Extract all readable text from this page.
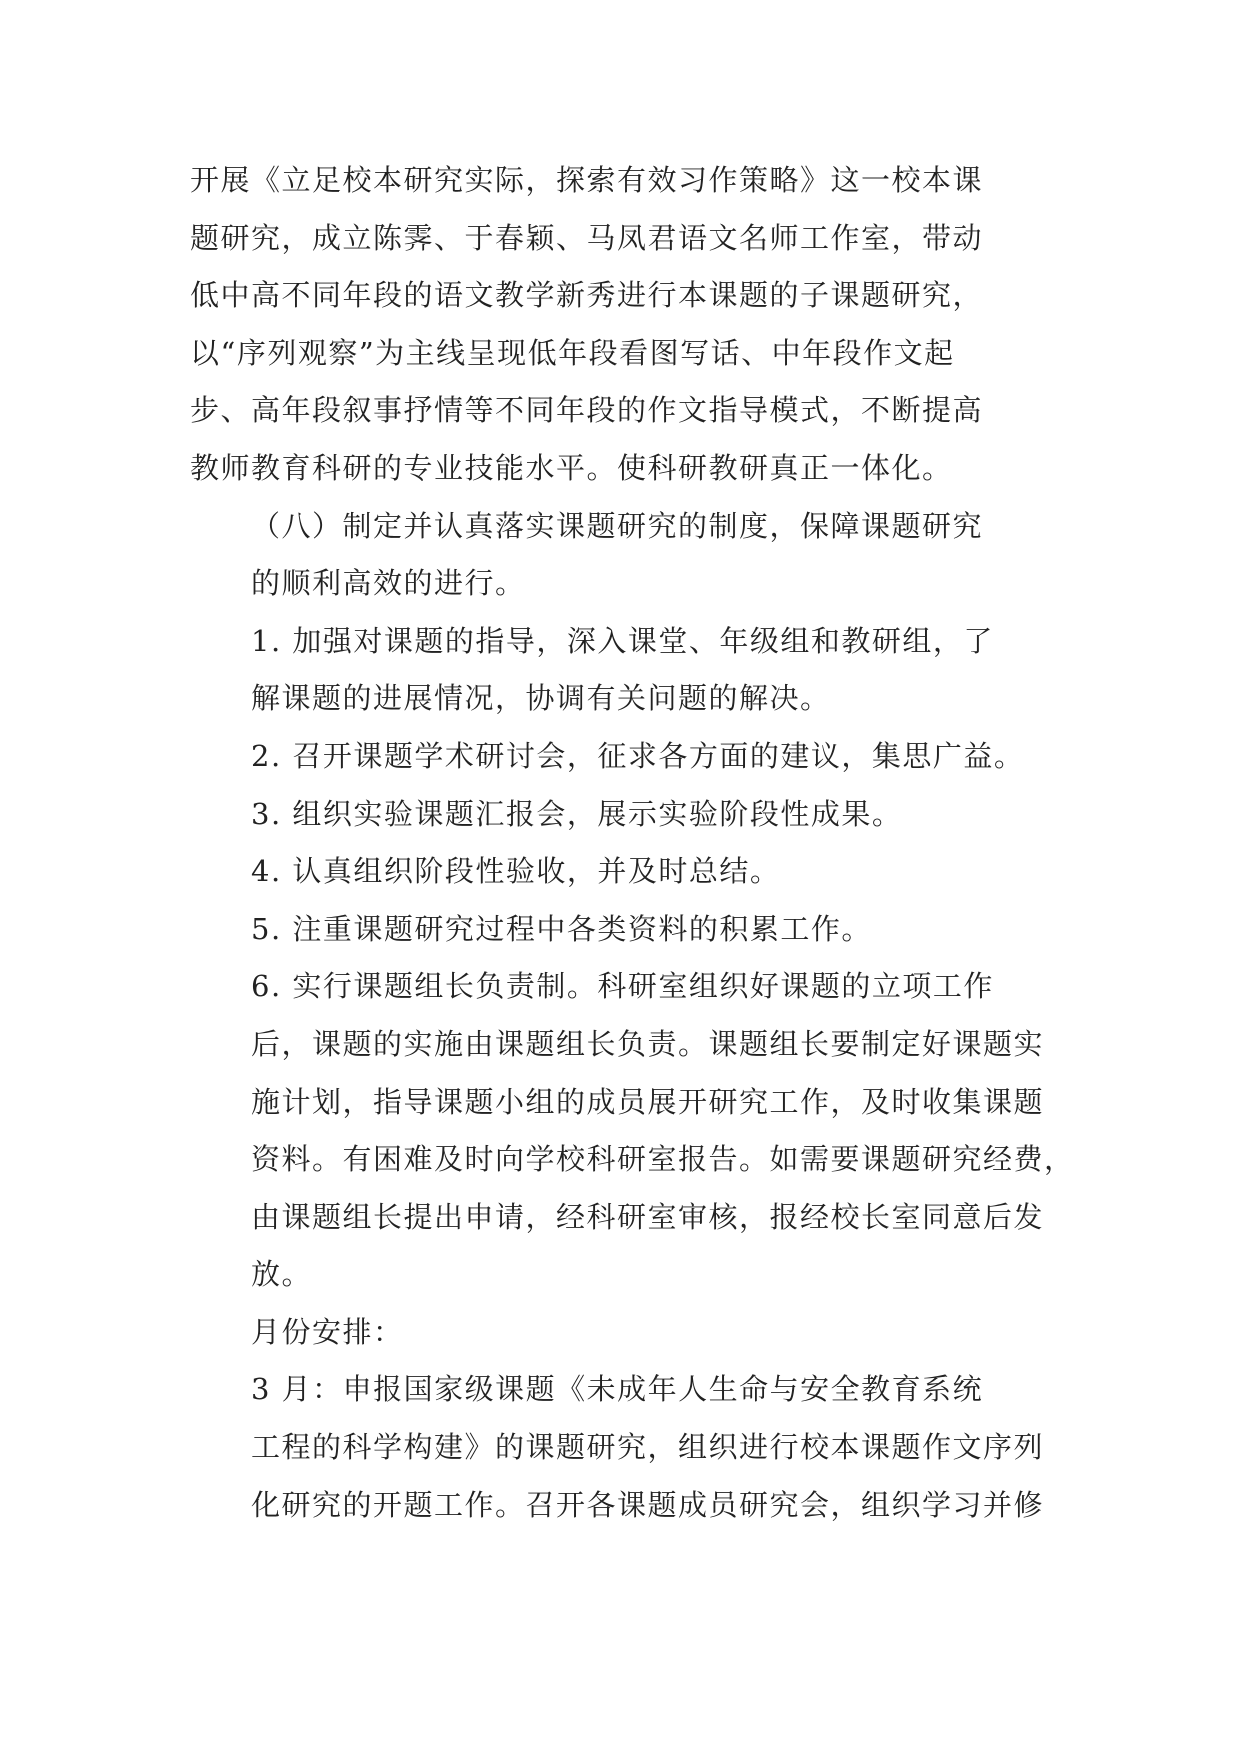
开展《立足校本研究实际，探索有效习作策略》这一校本课
题研究，成立陈霁、于春颖、马凤君语文名师工作室，带动
低中高不同年段的语文教学新秀进行本课题的子课题研究，
以“序列观察”为主线呈现低年段看图写话、中年段作文起
步、高年段叙事抒情等不同年段的作文指导模式，不断提高
教师教育科研的专业技能水平。使科研教研真正一体化。

（八）制定并认真落实课题研究的制度，保障课题研究
的顺利高效的进行。

1. 加强对课题的指导，深入课堂、年级组和教研组，了
解课题的进展情况，协调有关问题的解决。

2. 召开课题学术研讨会，征求各方面的建议，集思广益。

3. 组织实验课题汇报会，展示实验阶段性成果。

4. 认真组织阶段性验收，并及时总结。

5. 注重课题研究过程中各类资料的积累工作。

6. 实行课题组长负责制。科研室组织好课题的立项工作
后，课题的实施由课题组长负责。课题组长要制定好课题实
施计划，指导课题小组的成员展开研究工作，及时收集课题
资料。有困难及时向学校科研室报告。如需要课题研究经费，
由课题组长提出申请，经科研室审核，报经校长室同意后发
放。

月份安排：

3 月：申报国家级课题《未成年人生命与安全教育系统
工程的科学构建》的课题研究，组织进行校本课题作文序列
化研究的开题工作。召开各课题成员研究会，组织学习并修
